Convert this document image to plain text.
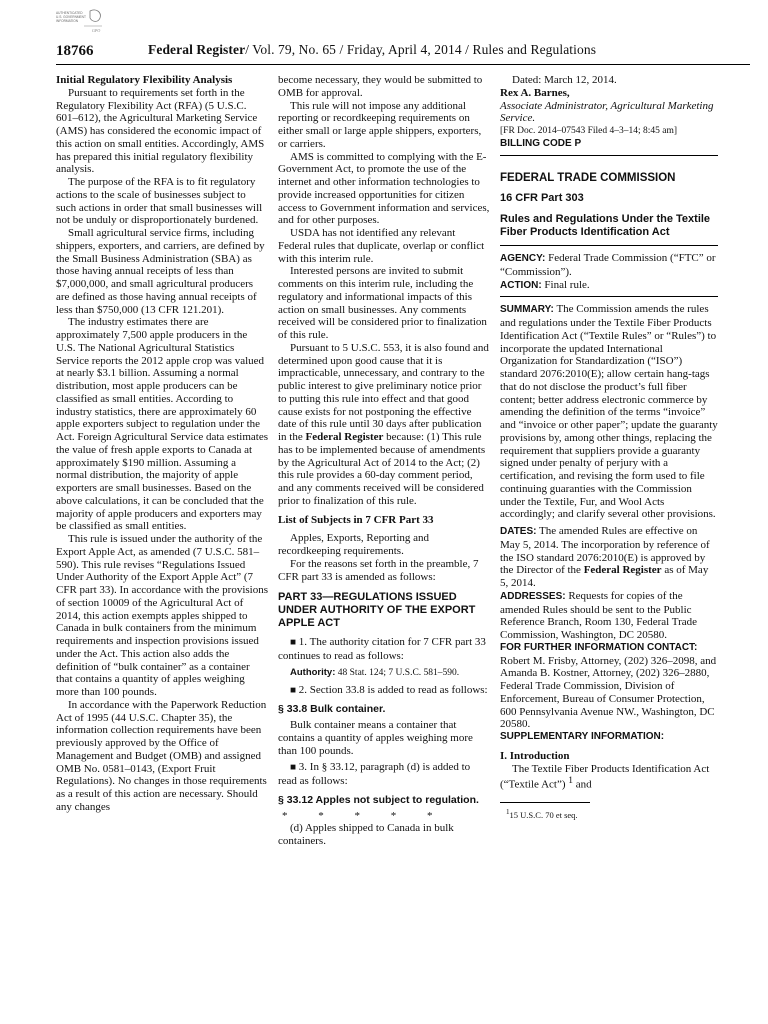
AUTHENTICATED
U.S. GOVERNMENT
INFORMATION
GPO
18766	Federal Register/ Vol. 79, No. 65 / Friday, April 4, 2014 / Rules and Regulations

Initial Regulatory Flexibility Analysis

Pursuant to requirements set forth in the Regulatory Flexibility Act (RFA) (5 U.S.C. 601–612), the Agricultural Marketing Service (AMS) has considered the economic impact of this action on small entities. Accordingly, AMS has prepared this initial regulatory flexibility analysis.

The purpose of the RFA is to fit regulatory actions to the scale of businesses subject to such actions in order that small businesses will not be unduly or disproportionately burdened.

Small agricultural service firms, including shippers, exporters, and carriers, are defined by the Small Business Administration (SBA) as those having annual receipts of less than $7,000,000, and small agricultural producers are defined as those having annual receipts of less than $750,000 (13 CFR 121.201).

The industry estimates there are approximately 7,500 apple producers in the U.S. The National Agricultural Statistics Service reports the 2012 apple crop was valued at nearly $3.1 billion. Assuming a normal distribution, most apple producers can be classified as small entities. According to industry statistics, there are approximately 60 apple exporters subject to regulation under the Act. Foreign Agricultural Service data estimates the value of fresh apple exports to Canada at approximately $190 million. Assuming a normal distribution, the majority of apple exporters are small businesses. Based on the above calculations, it can be concluded that the majority of apple producers and exporters may be classified as small entities.

This rule is issued under the authority of the Export Apple Act, as amended (7 U.S.C. 581–590). This rule revises “Regulations Issued Under Authority of the Export Apple Act” (7 CFR part 33). In accordance with the provisions of section 10009 of the Agricultural Act of 2014, this action exempts apples shipped to Canada in bulk containers from the minimum requirements and inspection provisions issued under the Act. This action also adds the definition of “bulk container” as a container that contains a quantity of apples weighing more than 100 pounds.

In accordance with the Paperwork Reduction Act of 1995 (44 U.S.C. Chapter 35), the information collection requirements have been previously approved by the Office of Management and Budget (OMB) and assigned OMB No. 0581–0143, (Export Fruit Regulations). No changes in those requirements as a result of this action are necessary. Should any changes

become necessary, they would be submitted to OMB for approval.

This rule will not impose any additional reporting or recordkeeping requirements on either small or large apple shippers, exporters, or carriers.

AMS is committed to complying with the E-Government Act, to promote the use of the internet and other information technologies to provide increased opportunities for citizen access to Government information and services, and for other purposes.

USDA has not identified any relevant Federal rules that duplicate, overlap or conflict with this interim rule.

Interested persons are invited to submit comments on this interim rule, including the regulatory and informational impacts of this action on small businesses. Any comments received will be considered prior to finalization of this rule.

Pursuant to 5 U.S.C. 553, it is also found and determined upon good cause that it is impracticable, unnecessary, and contrary to the public interest to give preliminary notice prior to putting this rule into effect and that good cause exists for not postponing the effective date of this rule until 30 days after publication in the Federal Register because: (1) This rule has to be implemented because of amendments by the Agricultural Act of 2014 to the Act; (2) this rule provides a 60-day comment period, and any comments received will be considered prior to finalization of this rule.

List of Subjects in 7 CFR Part 33

Apples, Exports, Reporting and recordkeeping requirements.

For the reasons set forth in the preamble, 7 CFR part 33 is amended as follows:

PART 33—REGULATIONS ISSUED UNDER AUTHORITY OF THE EXPORT APPLE ACT

■ 1. The authority citation for 7 CFR part 33 continues to read as follows:

Authority: 48 Stat. 124; 7 U.S.C. 581–590.

■ 2. Section 33.8 is added to read as follows:

§ 33.8 Bulk container.

Bulk container means a container that contains a quantity of apples weighing more than 100 pounds.

■ 3. In § 33.12, paragraph (d) is added to read as follows:

§ 33.12 Apples not subject to regulation.

* * * * *

(d) Apples shipped to Canada in bulk containers.

Dated: March 12, 2014.

Rex A. Barnes,

Associate Administrator, Agricultural Marketing Service.

[FR Doc. 2014–07543 Filed 4–3–14; 8:45 am]

BILLING CODE P

FEDERAL TRADE COMMISSION
16 CFR Part 303
Rules and Regulations Under the Textile Fiber Products Identification Act

AGENCY: Federal Trade Commission (“FTC” or “Commission”).

ACTION: Final rule.

SUMMARY: The Commission amends the rules and regulations under the Textile Fiber Products Identification Act (“Textile Rules” or “Rules”) to incorporate the updated International Organization for Standardization (“ISO”) standard 2076:2010(E); allow certain hang-tags that do not disclose the product’s full fiber content; better address electronic commerce by amending the definition of the terms “invoice” and “invoice or other paper”; update the guaranty provisions by, among other things, replacing the requirement that suppliers provide a guaranty signed under penalty of perjury with a certification, and revising the form used to file continuing guaranties with the Commission under the Textile, Fur, and Wool Acts accordingly; and clarify several other provisions.

DATES: The amended Rules are effective on May 5, 2014. The incorporation by reference of the ISO standard 2076:2010(E) is approved by the Director of the Federal Register as of May 5, 2014.

ADDRESSES: Requests for copies of the amended Rules should be sent to the Public Reference Branch, Room 130, Federal Trade Commission, Washington, DC 20580.

FOR FURTHER INFORMATION CONTACT:

Robert M. Frisby, Attorney, (202) 326–2098, and Amanda B. Kostner, Attorney, (202) 326–2880, Federal Trade Commission, Division of Enforcement, Bureau of Consumer Protection, 600 Pennsylvania Avenue NW., Washington, DC 20580.

SUPPLEMENTARY INFORMATION:

I. Introduction

The Textile Fiber Products Identification Act (“Textile Act”) $^1$ and

$^1$15 U.S.C. 70 et seq.
